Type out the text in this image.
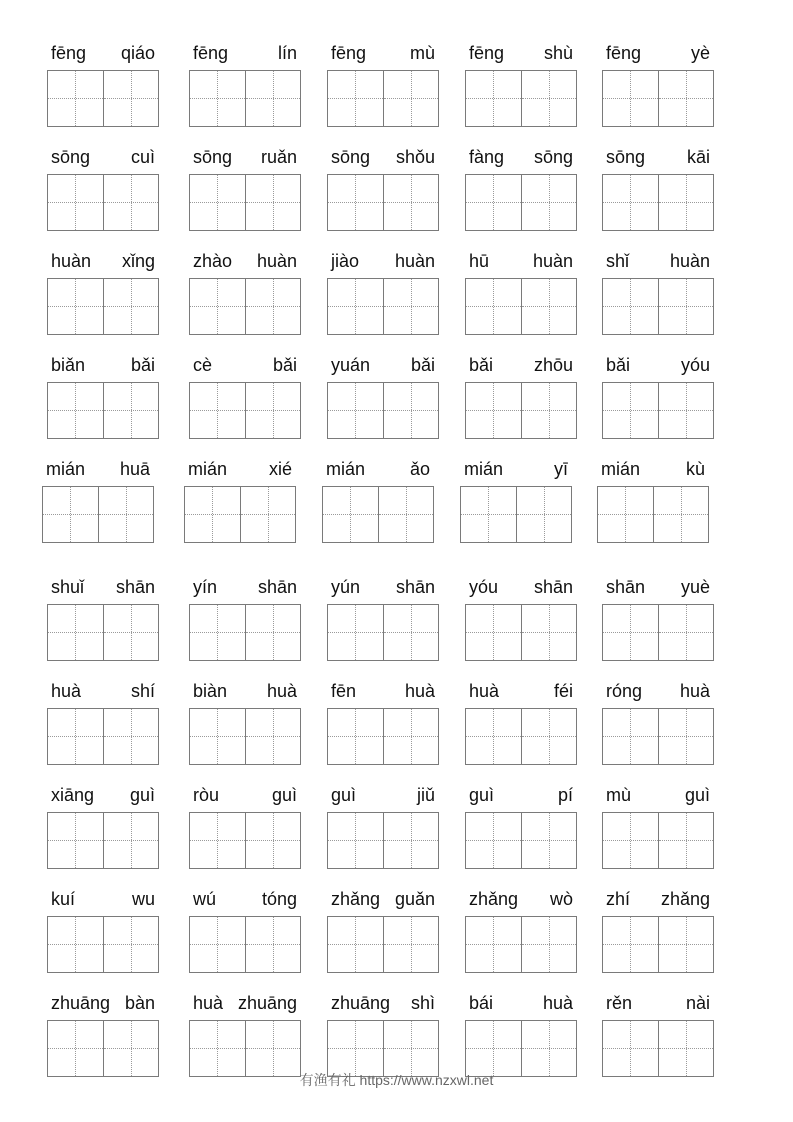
fēng qiáo fēng	lín fēng mù fēng shù fēng	yè
sōng cuì sōng ruǎn sōng shǒu fàng sōng sōng kāi
huàn xǐng zhào huàn jiào huàn hū huàn shǐ huàn
biǎn	bǎi cè	bǎi yuán bǎi bǎi zhōu bǎi	yóu
mián huā mián xié mián ǎo mián	yī mián	kù
shuǐ shān yín shān yún shān yóu shān shān yuè
huà	shí biàn huà fēn	huà huà	féi róng huà
xiāng guì ròu	guì guì	jiǔ guì	pí mù	guì
kuí	wu wú	tóng zhǎng guǎn zhǎng wò zhí zhǎng
zhuāng bàn huà zhuāng zhuāng shì bái	huà rěn	nài
有渔有礼 https://www.nzxwl.net
